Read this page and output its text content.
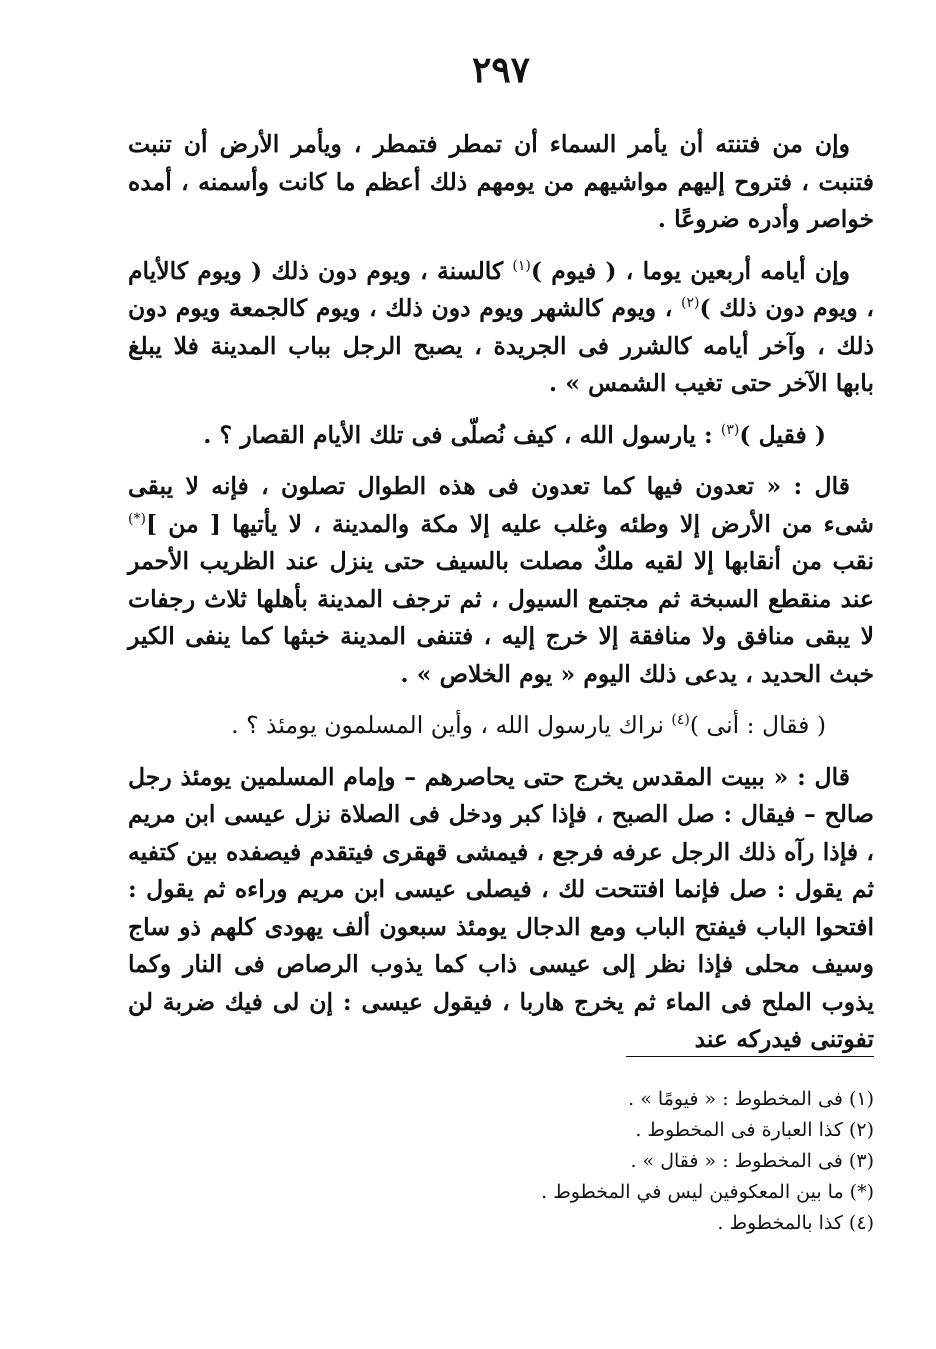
٢٩٧

وإن من فتنته أن يأمر السماء أن تمطر فتمطر ، ويأمر الأرض أن تنبت فتنبت ، فتروح إليهم مواشيهم من يومهم ذلك أعظم ما كانت وأسمنه ، أمده خواصر وأدره ضروعًا .

وإن أيامه أربعين يوما ، ( فيوم )$^{(١)}$ كالسنة ، ويوم دون ذلك ( ويوم كالأيام ، ويوم دون ذلك )$^{(٢)}$ ، ويوم كالشهر ويوم دون ذلك ، ويوم كالجمعة ويوم دون ذلك ، وآخر أيامه كالشرر فى الجريدة ، يصبح الرجل بباب المدينة فلا يبلغ بابها الآخر حتى تغيب الشمس » .

( فقيل )$^{(٣)}$ : يارسول الله ، كيف نُصلّى فى تلك الأيام القصار ؟ .

قال : « تعدون فيها كما تعدون فى هذه الطوال تصلون ، فإنه لا يبقى شىء من الأرض إلا وطئه وغلب عليه إلا مكة والمدينة ، لا يأتيها [ من ](*) نقب من أنقابها إلا لقيه ملكٌ مصلت بالسيف حتى ينزل عند الظريب الأحمر عند منقطع السبخة ثم مجتمع السيول ، ثم ترجف المدينة بأهلها ثلاث رجفات لا يبقى منافق ولا منافقة إلا خرج إليه ، فتنفى المدينة خبثها كما ينفى الكير خبث الحديد ، يدعى ذلك اليوم « يوم الخلاص » .

( فقال : أنى )$^{(٤)}$ نراك يارسول الله ، وأين المسلمون يومئذ ؟ .

قال : « ببيت المقدس يخرج حتى يحاصرهم – وإمام المسلمين يومئذ رجل صالح – فيقال : صل الصبح ، فإذا كبر ودخل فى الصلاة نزل عيسى ابن مريم ، فإذا رآه ذلك الرجل عرفه فرجع ، فيمشى قهقرى فيتقدم فيصفده بين كتفيه ثم يقول : صل فإنما افتتحت لك ، فيصلى عيسى ابن مريم وراءه ثم يقول : افتحوا الباب فيفتح الباب ومع الدجال يومئذ سبعون ألف يهودى كلهم ذو ساج وسيف محلى فإذا نظر إلى عيسى ذاب كما يذوب الرصاص فى النار وكما يذوب الملح فى الماء ثم يخرج هاربا ، فيقول عيسى : إن لى فيك ضربة لن تفوتنى فيدركه عند

(١) فى المخطوط : « فيومًا » .
(٢) كذا العبارة فى المخطوط .
(٣) فى المخطوط : « فقال » .
(*) ما بين المعكوفين ليس في المخطوط .
(٤) كذا بالمخطوط .
